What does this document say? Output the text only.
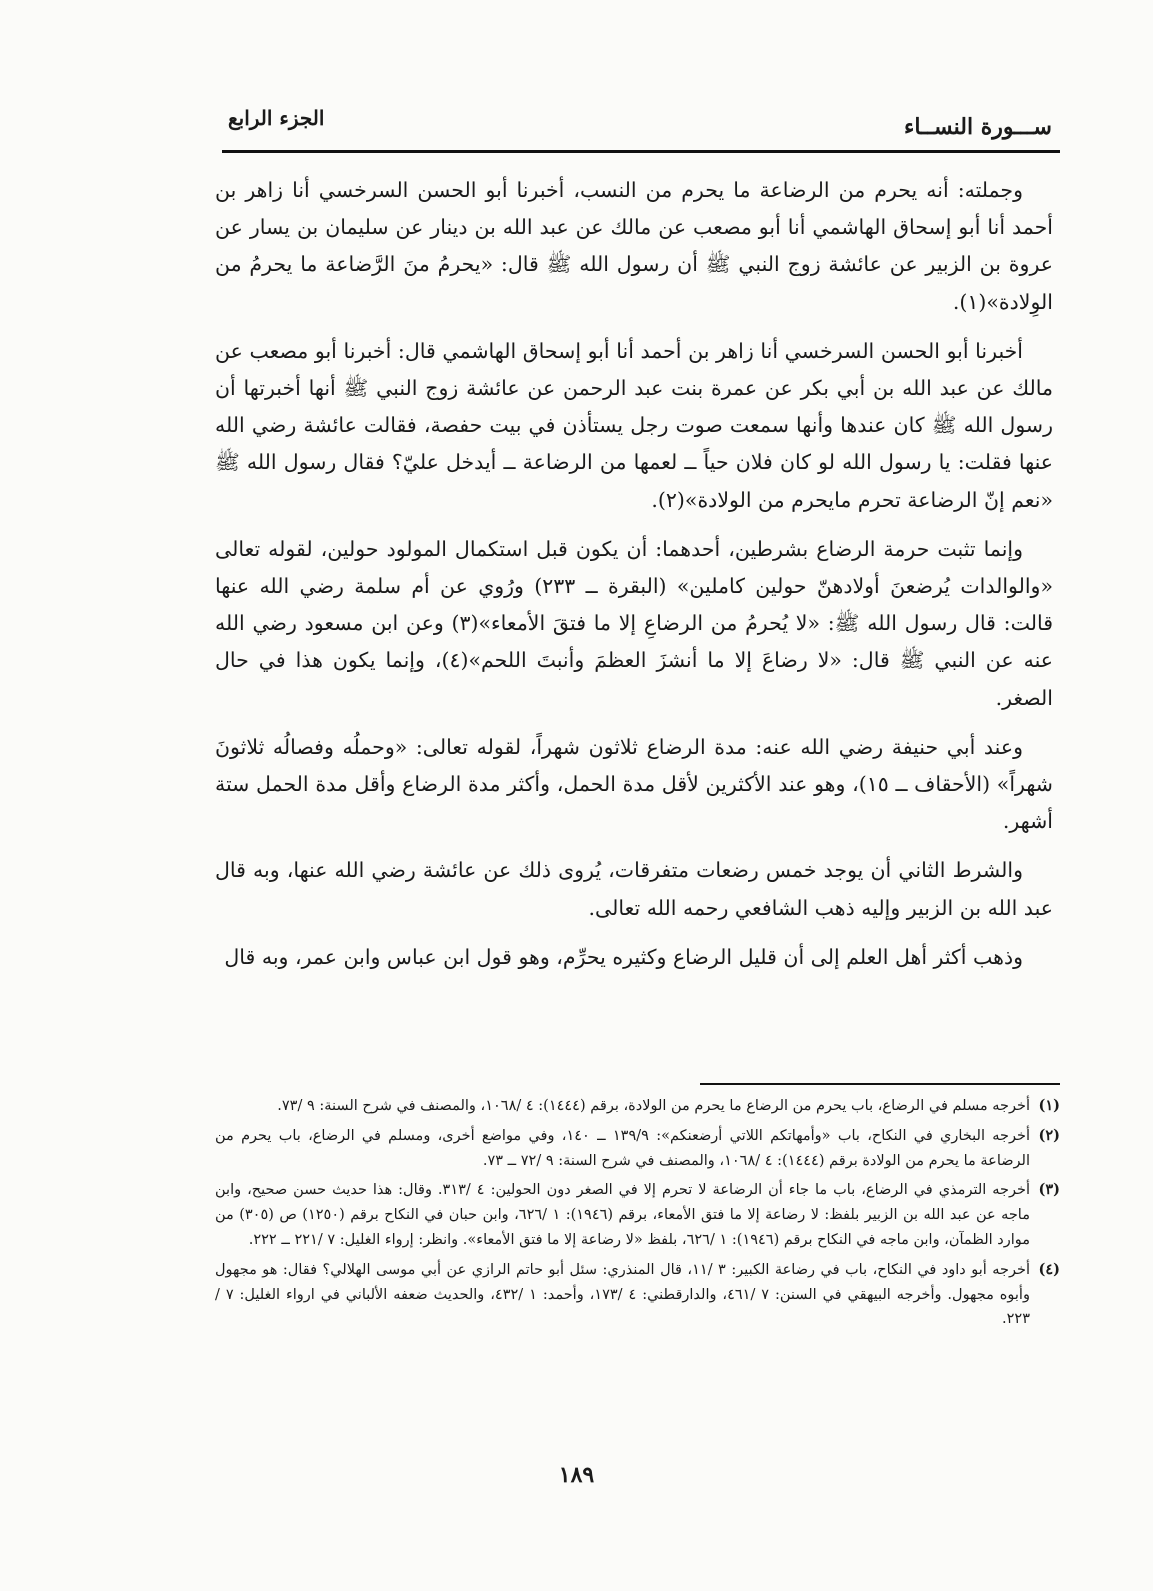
ســـورة النســاء
الجزء الرابع

وجملته: أنه يحرم من الرضاعة ما يحرم من النسب، أخبرنا أبو الحسن السرخسي أنا زاهر بن أحمد أنا أبو إسحاق الهاشمي أنا أبو مصعب عن مالك عن عبد الله بن دينار عن سليمان بن يسار عن عروة بن الزبير عن عائشة زوج النبي ﷺ أن رسول الله ﷺ قال: «يحرمُ منَ الرَّضاعة ما يحرمُ من الوِلادة»(١).

أخبرنا أبو الحسن السرخسي أنا زاهر بن أحمد أنا أبو إسحاق الهاشمي قال: أخبرنا أبو مصعب عن مالك عن عبد الله بن أبي بكر عن عمرة بنت عبد الرحمن عن عائشة زوج النبي ﷺ أنها أخبرتها أن رسول الله ﷺ كان عندها وأنها سمعت صوت رجل يستأذن في بيت حفصة، فقالت عائشة رضي الله عنها فقلت: يا رسول الله لو كان فلان حياً ــ لعمها من الرضاعة ــ أيدخل عليّ؟ فقال رسول الله ﷺ «نعم إنّ الرضاعة تحرم مايحرم من الولادة»(٢).

وإنما تثبت حرمة الرضاع بشرطين، أحدهما: أن يكون قبل استكمال المولود حولين، لقوله تعالى «والوالدات يُرضعنَ أولادهنّ حولين كاملين» (البقرة ــ ٢٣٣) ورُوي عن أم سلمة رضي الله عنها قالت: قال رسول الله ﷺ: «لا يُحرمُ من الرضاعِ إلا ما فتقَ الأمعاء»(٣) وعن ابن مسعود رضي الله عنه عن النبي ﷺ قال: «لا رضاعَ إلا ما أنشزَ العظمَ وأنبتَ اللحم»(٤)، وإنما يكون هذا في حال الصغر.

وعند أبي حنيفة رضي الله عنه: مدة الرضاع ثلاثون شهراً، لقوله تعالى: «وحملُه وفصالُه ثلاثونَ شهراً» (الأحقاف ــ ١٥)، وهو عند الأكثرين لأقل مدة الحمل، وأكثر مدة الرضاع وأقل مدة الحمل ستة أشهر.

والشرط الثاني أن يوجد خمس رضعات متفرقات، يُروى ذلك عن عائشة رضي الله عنها، وبه قال عبد الله بن الزبير وإليه ذهب الشافعي رحمه الله تعالى.

وذهب أكثر أهل العلم إلى أن قليل الرضاع وكثيره يحرِّم، وهو قول ابن عباس وابن عمر، وبه قال

(١)
أخرجه مسلم في الرضاع، باب يحرم من الرضاع ما يحرم من الولادة، برقم (١٤٤٤): ٤ /١٠٦٨، والمصنف في شرح السنة: ٩ /٧٣.
(٢)
أخرجه البخاري في النكاح، باب «وأمهاتكم اللاتي أرضعنكم»: ١٣٩/٩ ــ ١٤٠، وفي مواضع أخرى، ومسلم في الرضاع، باب يحرم من الرضاعة ما يحرم من الولادة برقم (١٤٤٤): ٤ /١٠٦٨، والمصنف في شرح السنة: ٩ /٧٢ ــ ٧٣.
(٣)
أخرجه الترمذي في الرضاع، باب ما جاء أن الرضاعة لا تحرم إلا في الصغر دون الحولين: ٤ /٣١٣. وقال: هذا حديث حسن صحيح، وابن ماجه عن عبد الله بن الزبير بلفظ: لا رضاعة إلا ما فتق الأمعاء، برقم (١٩٤٦): ١ /٦٢٦، وابن حبان في النكاح برقم (١٢٥٠) ص (٣٠٥) من موارد الظمآن، وابن ماجه في النكاح برقم (١٩٤٦): ١ /٦٢٦، بلفظ «لا رضاعة إلا ما فتق الأمعاء». وانظر: إرواء الغليل: ٧ /٢٢١ ــ ٢٢٢.
(٤)
أخرجه أبو داود في النكاح، باب في رضاعة الكبير: ٣ /١١، قال المنذري: سئل أبو حاتم الرازي عن أبي موسى الهلالي؟ فقال: هو مجهول وأبوه مجهول. وأخرجه البيهقي في السنن: ٧ /٤٦١، والدارقطني: ٤ /١٧٣، وأحمد: ١ /٤٣٢، والحديث ضعفه الألباني في ارواء الغليل: ٧ /٢٢٣.
١٨٩
